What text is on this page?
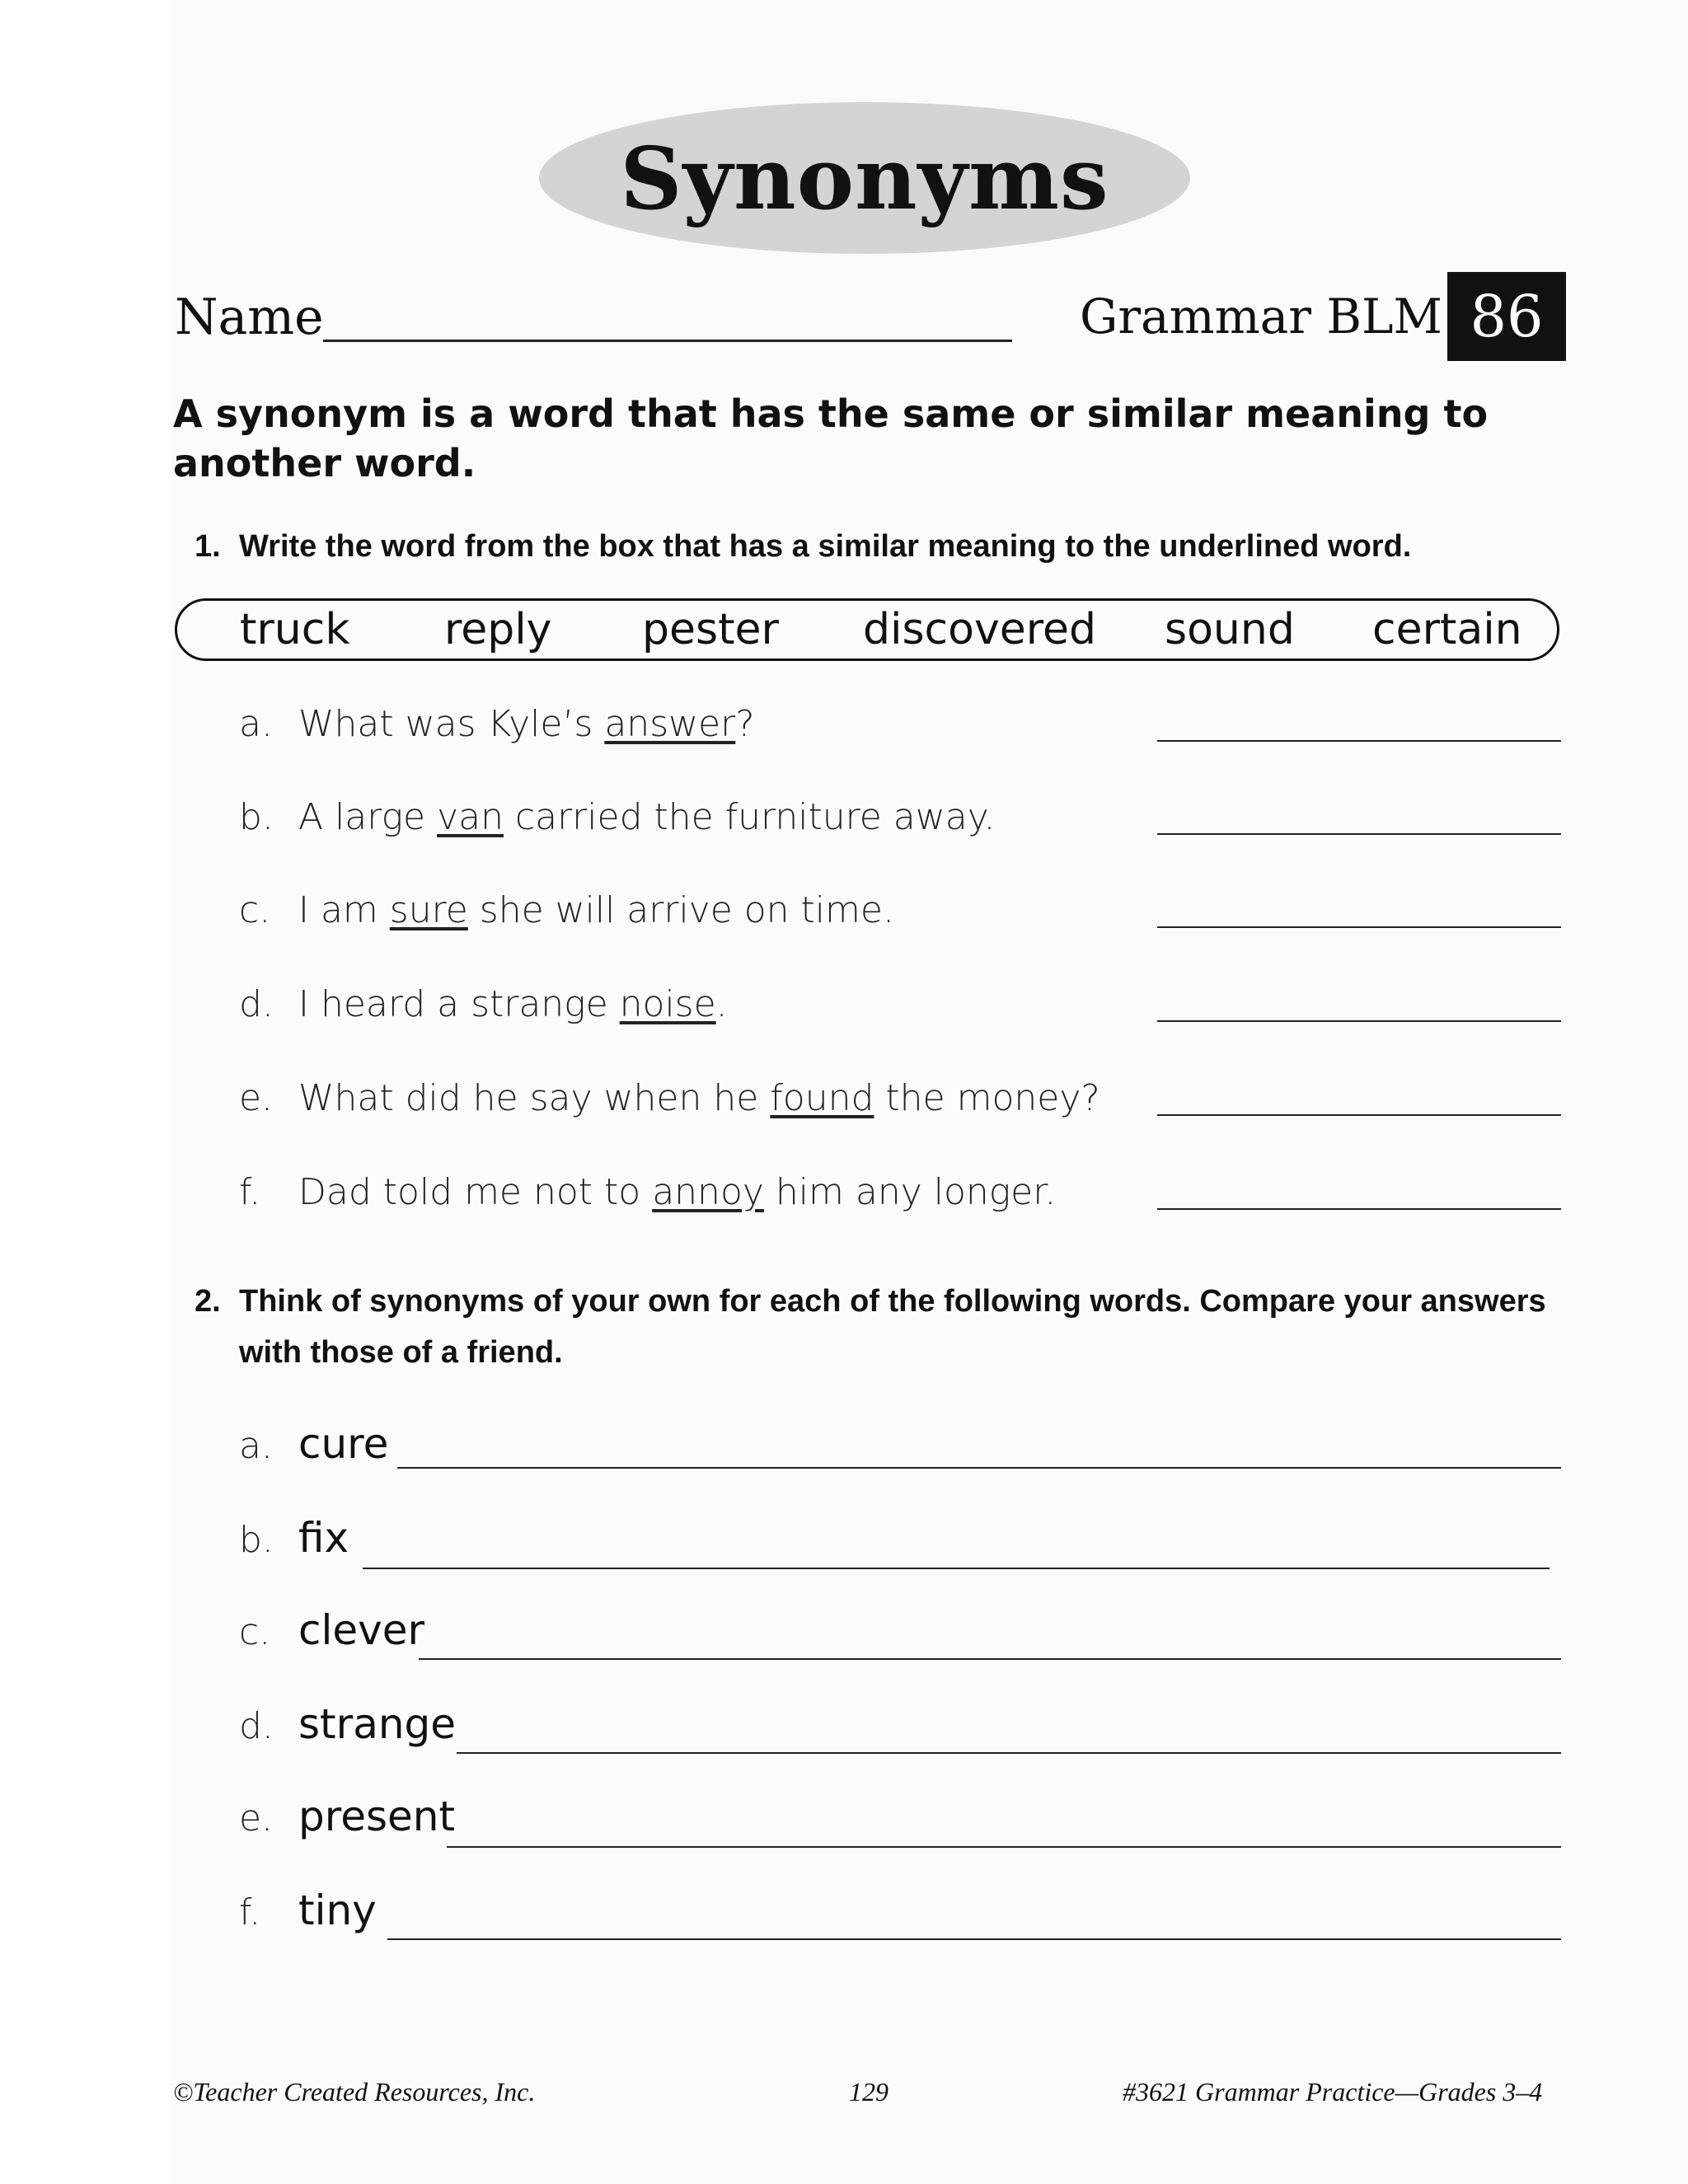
Synonyms
Name	Grammar BLM 86
A synonym is a word that has the same or similar meaning to another word.
1. Write the word from the box that has a similar meaning to the underlined word.
truck reply pester discovered sound certain
a. What was Kyle’s answer?
b. A large van carried the furniture away.
c. I am sure she will arrive on time.
d. I heard a strange noise.
e. What did he say when he found the money?
f. Dad told me not to annoy him any longer.
2. Think of synonyms of your own for each of the following words. Compare your answers
with those of a friend.
a. cure
b. fix
c. clever
d. strange
e. present
f. tiny
©Teacher Created Resources, Inc.	129	#3621 Grammar Practice—Grades 3–4
